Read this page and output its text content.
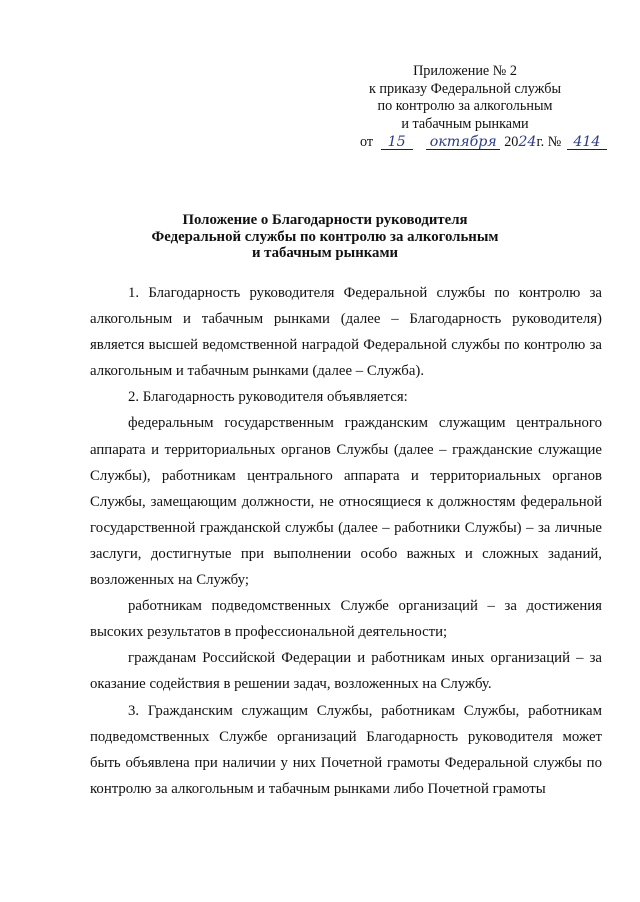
Приложение № 2
к приказу Федеральной службы
по контролю за алкогольным
и табачным рынками
от 15 октября 2024г. № 414
Положение о Благодарности руководителя
Федеральной службы по контролю за алкогольным
и табачным рынками

1. Благодарность руководителя Федеральной службы по контролю за алкогольным и табачным рынками (далее – Благодарность руководителя) является высшей ведомственной наградой Федеральной службы по контролю за алкогольным и табачным рынками (далее – Служба).

2. Благодарность руководителя объявляется:

федеральным государственным гражданским служащим центрального аппарата и территориальных органов Службы (далее – гражданские служащие Службы), работникам центрального аппарата и территориальных органов Службы, замещающим должности, не относящиеся к должностям федеральной государственной гражданской службы (далее – работники Службы) – за личные заслуги, достигнутые при выполнении особо важных и сложных заданий, возложенных на Службу;

работникам подведомственных Службе организаций – за достижения высоких результатов в профессиональной деятельности;

гражданам Российской Федерации и работникам иных организаций – за оказание содействия в решении задач, возложенных на Службу.

3. Гражданским служащим Службы, работникам Службы, работникам подведомственных Службе организаций Благодарность руководителя может быть объявлена при наличии у них Почетной грамоты Федеральной службы по контролю за алкогольным и табачным рынками либо Почетной грамоты
